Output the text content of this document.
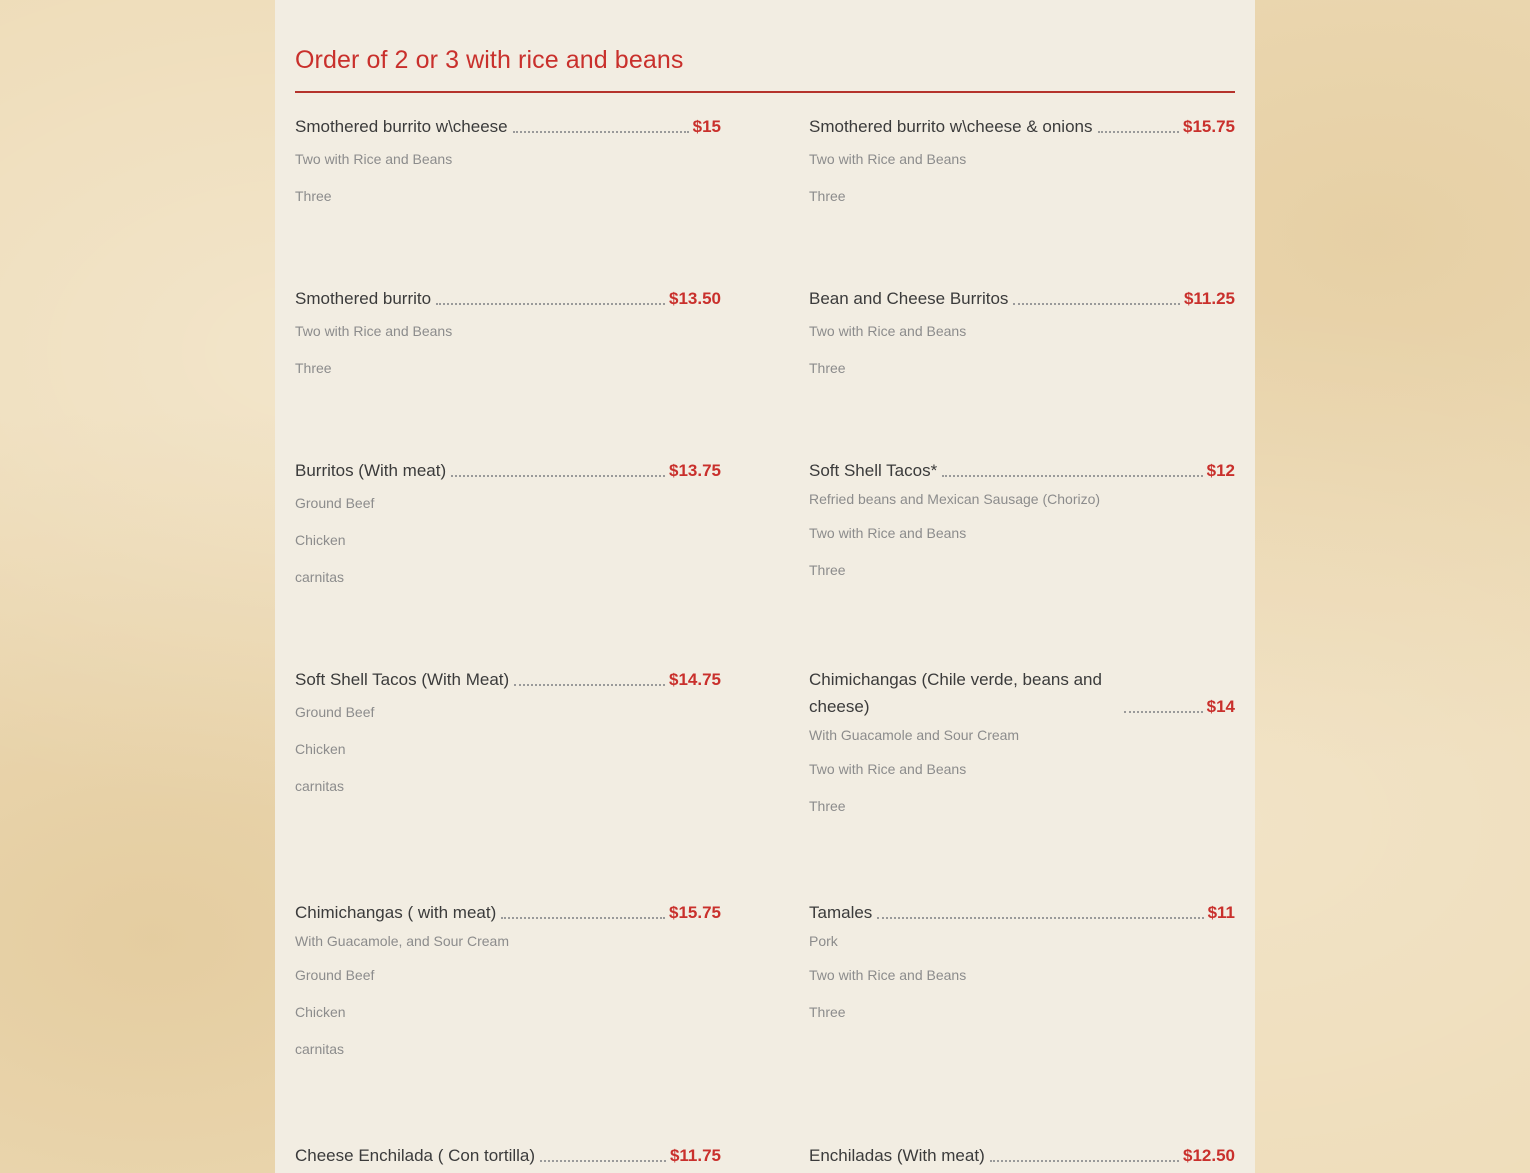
Order of 2 or 3 with rice and beans
Smothered burrito w\cheese	$15
Two with Rice and Beans
Three
Smothered burrito w\cheese & onions	$15.75
Two with Rice and Beans
Three
Smothered burrito	$13.50
Two with Rice and Beans
Three
Bean and Cheese Burritos	$11.25
Two with Rice and Beans
Three
Burritos (With meat)	$13.75
Ground Beef
Chicken
carnitas
Soft Shell Tacos*	$12
Refried beans and Mexican Sausage (Chorizo)
Two with Rice and Beans
Three
Soft Shell Tacos (With Meat)	$14.75
Ground Beef
Chicken
carnitas
Chimichangas (Chile verde, beans and cheese)	$14
With Guacamole and Sour Cream
Two with Rice and Beans
Three
Chimichangas ( with meat)	$15.75
With Guacamole, and Sour Cream
Ground Beef
Chicken
carnitas
Tamales	$11
Pork
Two with Rice and Beans
Three
Cheese Enchilada ( Con tortilla)	$11.75	Enchiladas (With meat)	$12.50
